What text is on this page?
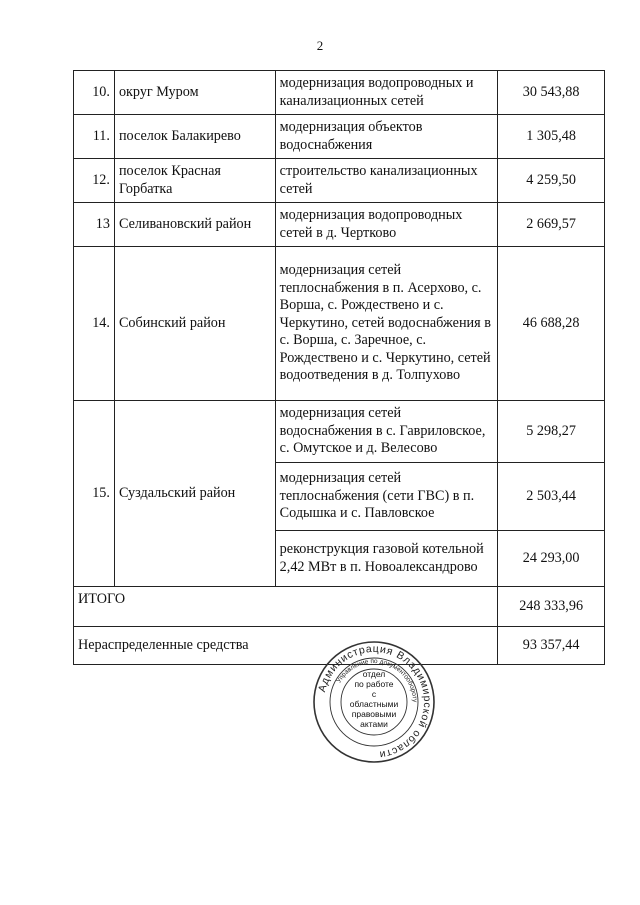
2
10.	округ Муром	модернизация водопроводных и канализационных сетей	30 543,88
11.	поселок Балакирево	модернизация объектов водоснабжения	1 305,48
12.	поселок Красная Горбатка	строительство канализационных сетей	4 259,50
13	Селивановский район	модернизация водопроводных сетей в д. Чертково	2 669,57
14.	Собинский район	модернизация сетей теплоснабжения в п. Асерхово, с. Ворша, с. Рождествено и с. Черкутино, сетей водоснабжения в с. Ворша, с. Заречное, с. Рождествено и с. Черкутино, сетей водоотведения в д. Толпухово	46 688,28
15.	Суздальский район	модернизация сетей водоснабжения в с. Гавриловское, с. Омутское и д. Велесово	5 298,27
		модернизация сетей теплоснабжения (сети ГВС) в п. Содышка и с. Павловское	2 503,44
		реконструкция газовой котельной 2,42 МВт в п. Новоалександрово	24 293,00
ИТОГО			248 333,96
Нераспределенные средства			93 357,44
Администрация Владимирской области
Управление по документообороту
отдел
по работе
с областными
правовыми
актами
